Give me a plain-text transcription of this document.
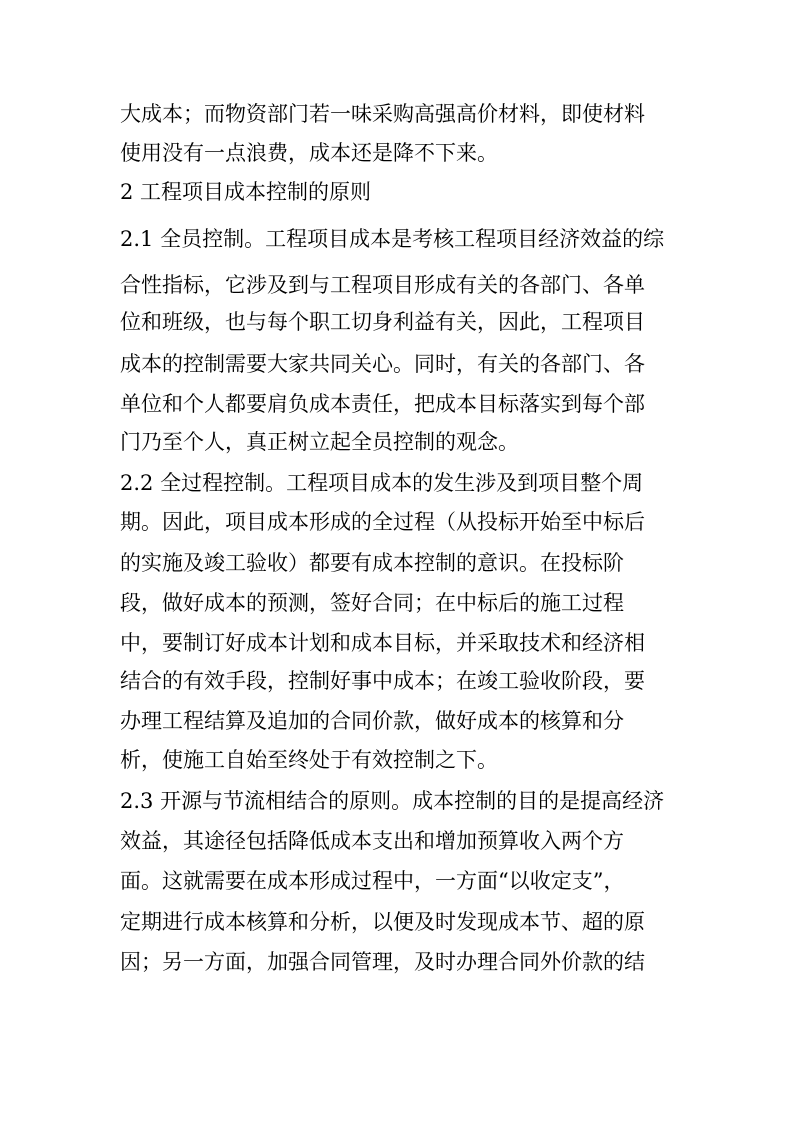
大成本；而物资部门若一味采购高强高价材料，即使材料
使用没有一点浪费，成本还是降不下来。
2 工程项目成本控制的原则
2.1 全员控制。工程项目成本是考核工程项目经济效益的综
合性指标，它涉及到与工程项目形成有关的各部门、各单
位和班级，也与每个职工切身利益有关，因此，工程项目
成本的控制需要大家共同关心。同时，有关的各部门、各
单位和个人都要肩负成本责任，把成本目标落实到每个部
门乃至个人，真正树立起全员控制的观念。
2.2 全过程控制。工程项目成本的发生涉及到项目整个周
期。因此，项目成本形成的全过程（从投标开始至中标后
的实施及竣工验收）都要有成本控制的意识。在投标阶
段，做好成本的预测，签好合同；在中标后的施工过程
中，要制订好成本计划和成本目标，并采取技术和经济相
结合的有效手段，控制好事中成本；在竣工验收阶段，要
办理工程结算及追加的合同价款，做好成本的核算和分
析，使施工自始至终处于有效控制之下。
2.3 开源与节流相结合的原则。成本控制的目的是提高经济
效益，其途径包括降低成本支出和增加预算收入两个方
面。这就需要在成本形成过程中，一方面“以收定支”，
定期进行成本核算和分析，以便及时发现成本节、超的原
因；另一方面，加强合同管理，及时办理合同外价款的结
